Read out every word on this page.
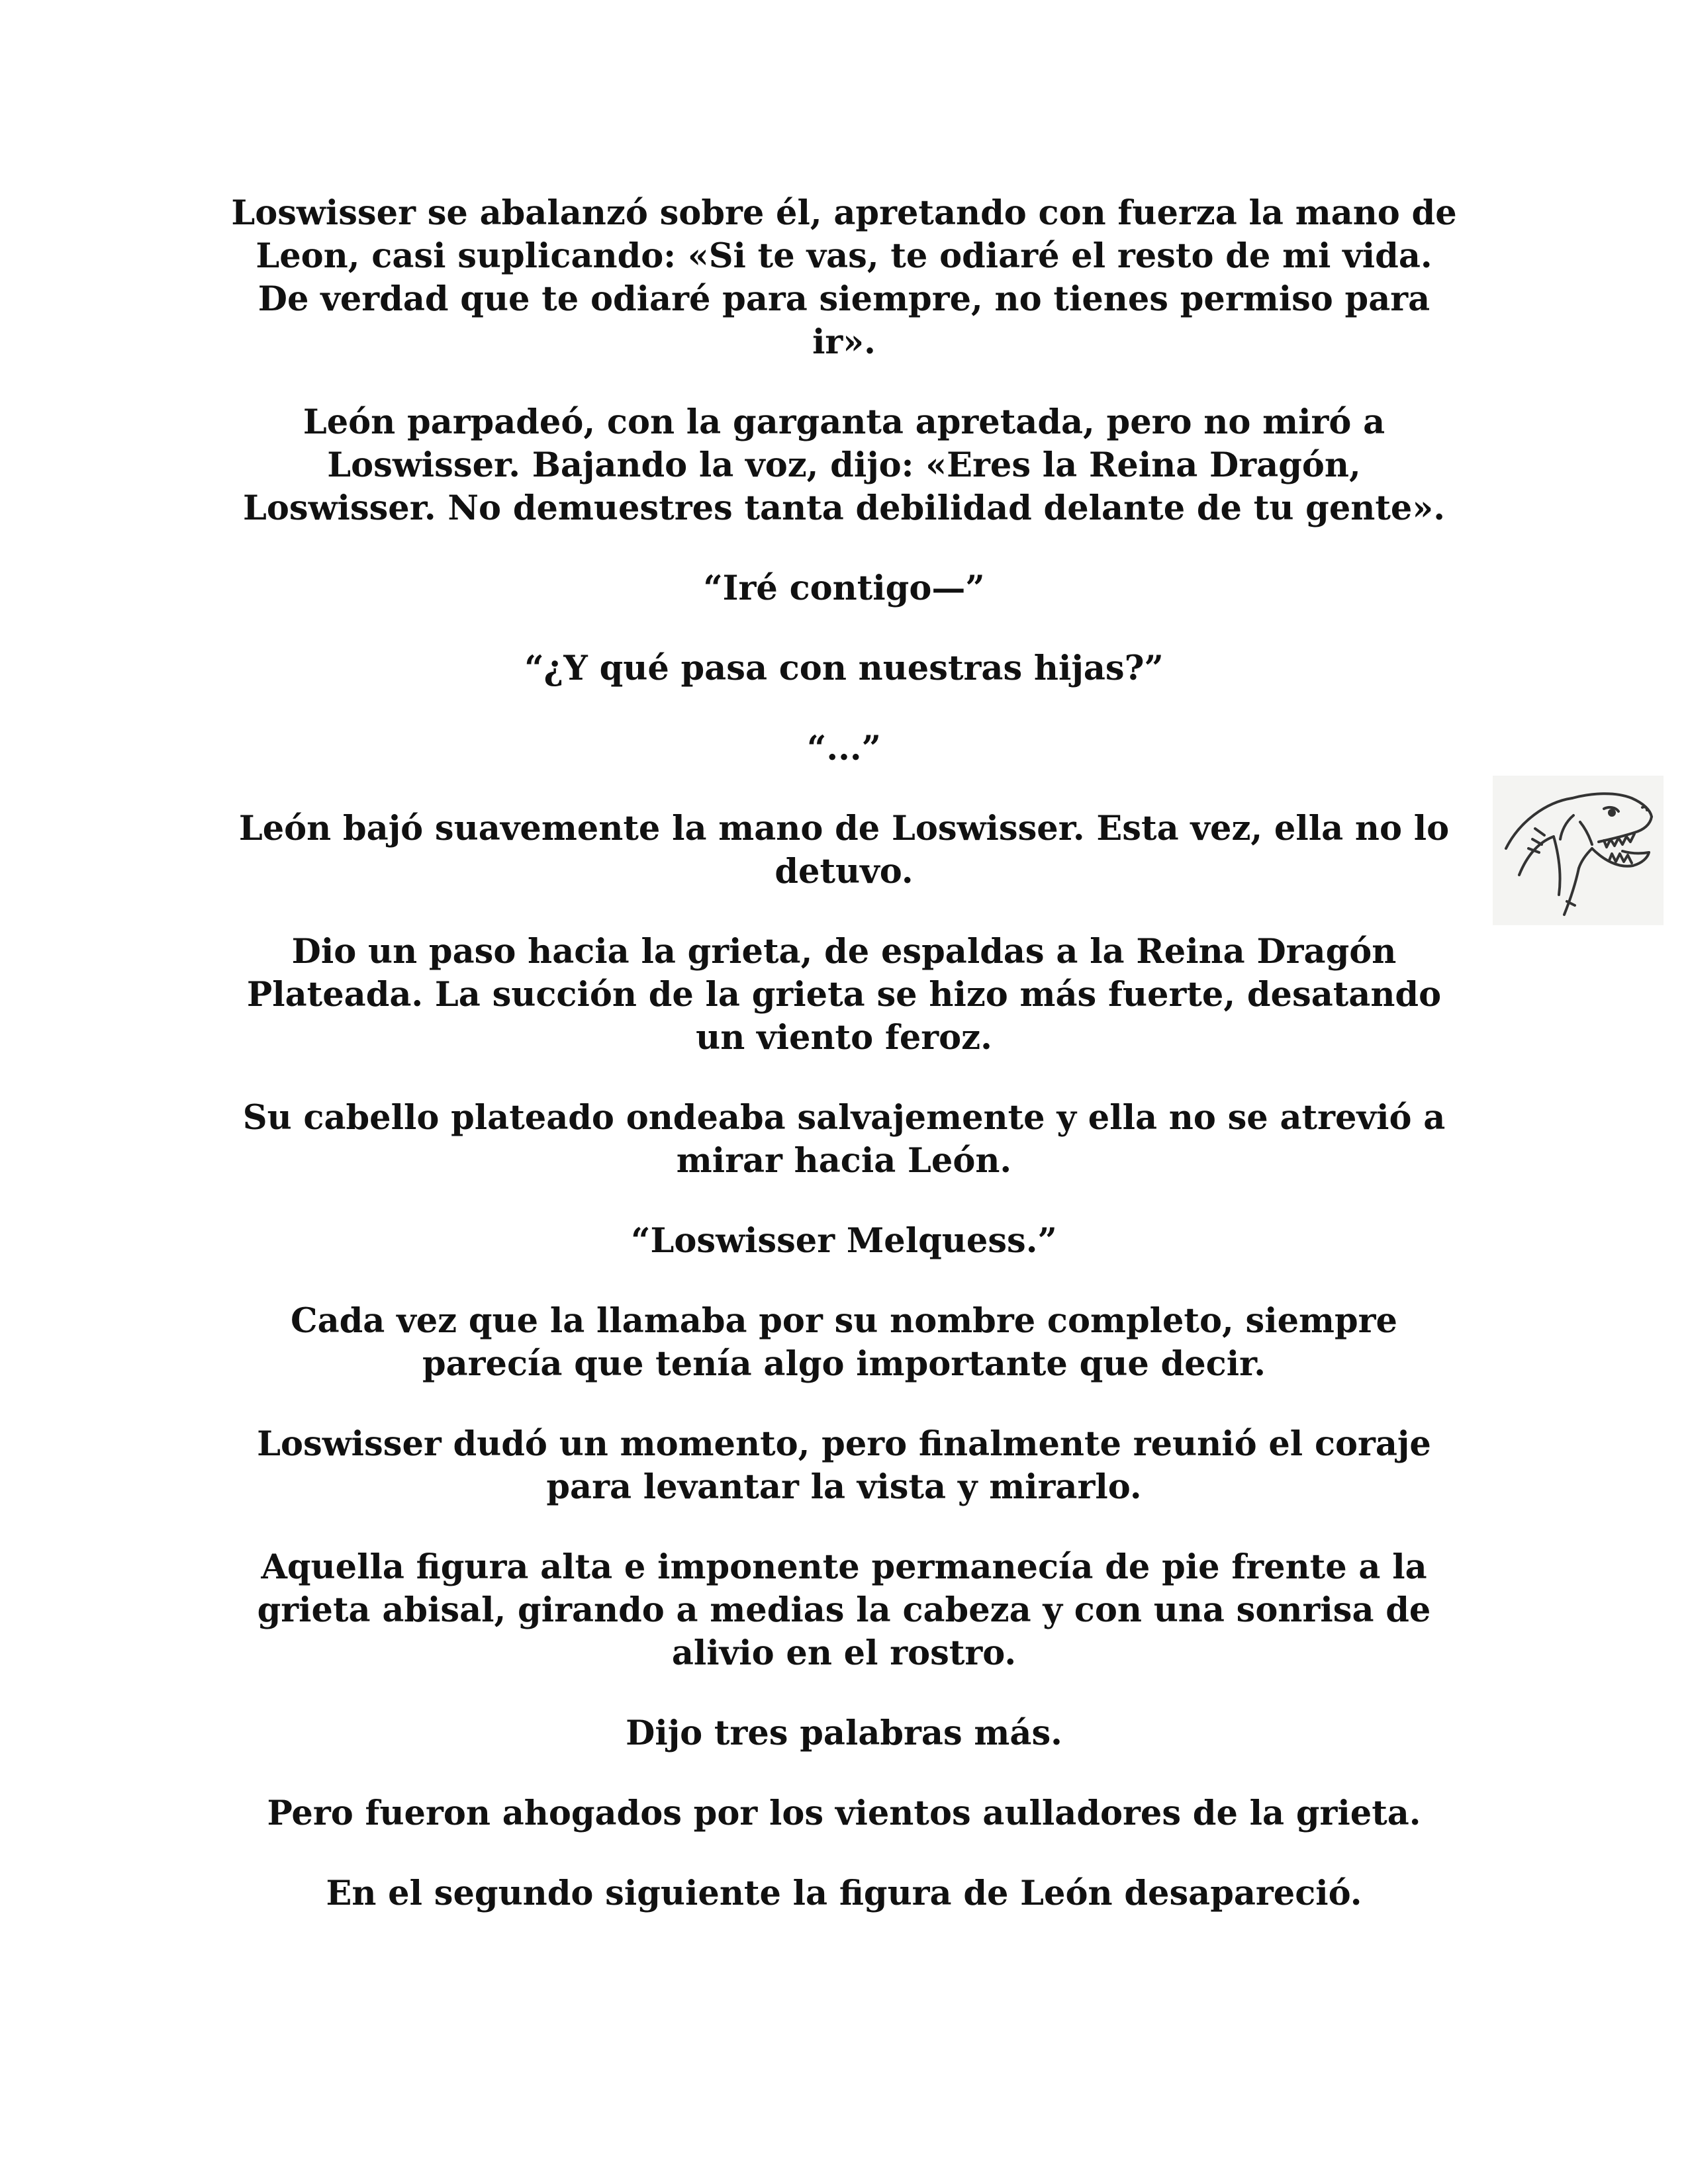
Loswisser se abalanzó sobre él, apretando con fuerza la mano de Leon, casi suplicando: «Si te vas, te odiaré el resto de mi vida. De verdad que te odiaré para siempre, no tienes permiso para ir».

León parpadeó, con la garganta apretada, pero no miró a Loswisser. Bajando la voz, dijo: «Eres la Reina Dragón, Loswisser. No demuestres tanta debilidad delante de tu gente».

“Iré contigo—”

“¿Y qué pasa con nuestras hijas?”

“...”

León bajó suavemente la mano de Loswisser. Esta vez, ella no lo detuvo.

Dio un paso hacia la grieta, de espaldas a la Reina Dragón Plateada. La succión de la grieta se hizo más fuerte, desatando un viento feroz.

Su cabello plateado ondeaba salvajemente y ella no se atrevió a mirar hacia León.

“Loswisser Melquess.”

Cada vez que la llamaba por su nombre completo, siempre parecía que tenía algo importante que decir.

Loswisser dudó un momento, pero finalmente reunió el coraje para levantar la vista y mirarlo.

Aquella figura alta e imponente permanecía de pie frente a la grieta abisal, girando a medias la cabeza y con una sonrisa de alivio en el rostro.

Dijo tres palabras más.

Pero fueron ahogados por los vientos aulladores de la grieta.

En el segundo siguiente la figura de León desapareció.
